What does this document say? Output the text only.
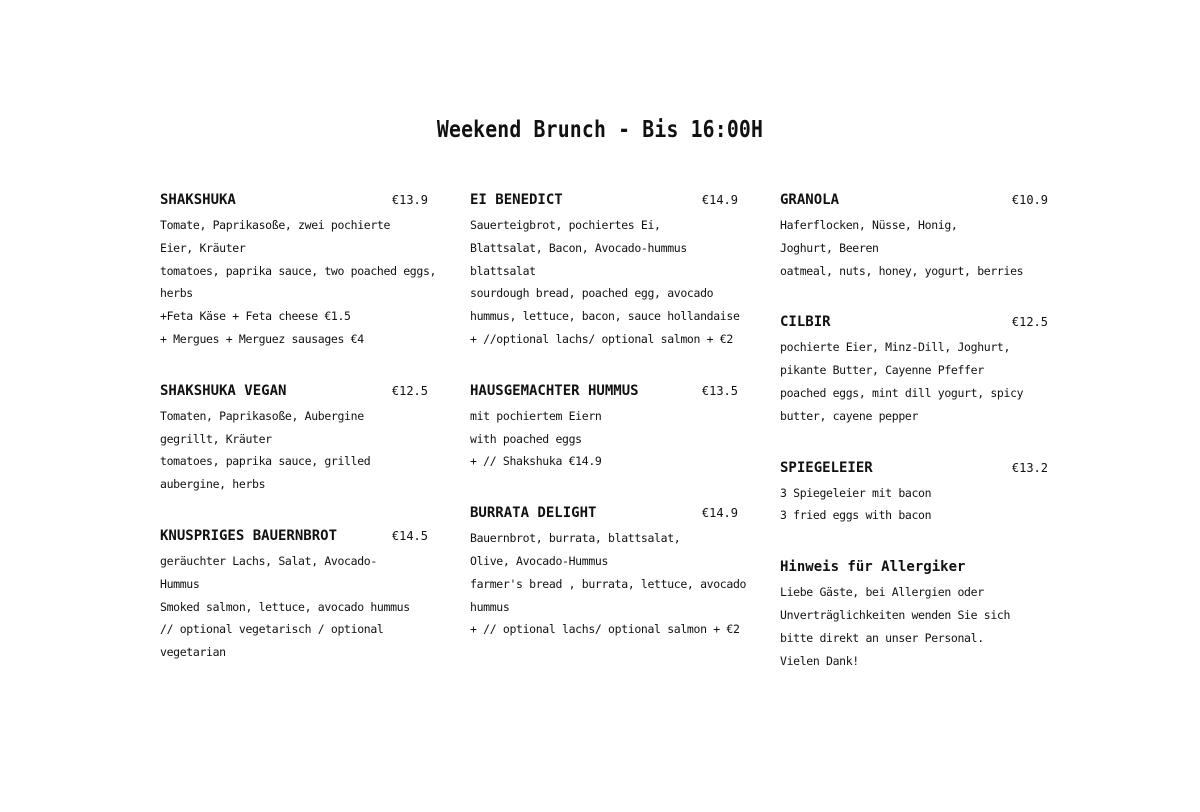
Weekend Brunch - Bis 16:00H
SHAKSHUKA	€13.9
Tomate, Paprikasoße, zwei pochierte
Eier, Kräuter
tomatoes, paprika sauce, two poached eggs,
herbs
+Feta Käse + Feta cheese €1.5
+ Mergues + Merguez sausages €4
SHAKSHUKA VEGAN	€12.5
Tomaten, Paprikasoße, Aubergine
gegrillt, Kräuter
tomatoes, paprika sauce, grilled
aubergine, herbs
KNUSPRIGES BAUERNBROT	€14.5
geräuchter Lachs, Salat, Avocado-
Hummus
Smoked salmon, lettuce, avocado hummus
// optional vegetarisch / optional
vegetarian
EI BENEDICT	€14.9
Sauerteigbrot, pochiertes Ei,
Blattsalat, Bacon, Avocado-hummus
blattsalat
sourdough bread, poached egg, avocado
hummus, lettuce, bacon, sauce hollandaise
+ //optional lachs/ optional salmon + €2
HAUSGEMACHTER HUMMUS	€13.5
mit pochiertem Eiern
with poached eggs
+ // Shakshuka €14.9
BURRATA DELIGHT	€14.9
Bauernbrot, burrata, blattsalat,
Olive, Avocado-Hummus
farmer's bread , burrata, lettuce, avocado
hummus
+ // optional lachs/ optional salmon + €2
GRANOLA	€10.9
Haferflocken, Nüsse, Honig,
Joghurt, Beeren
oatmeal, nuts, honey, yogurt, berries
CILBIR	€12.5
pochierte Eier, Minz-Dill, Joghurt,
pikante Butter, Cayenne Pfeffer
poached eggs, mint dill yogurt, spicy
butter, cayene pepper
SPIEGELEIER	€13.2
3 Spiegeleier mit bacon
3 fried eggs with bacon
Hinweis für Allergiker
Liebe Gäste, bei Allergien oder
Unverträglichkeiten wenden Sie sich
bitte direkt an unser Personal.
Vielen Dank!
